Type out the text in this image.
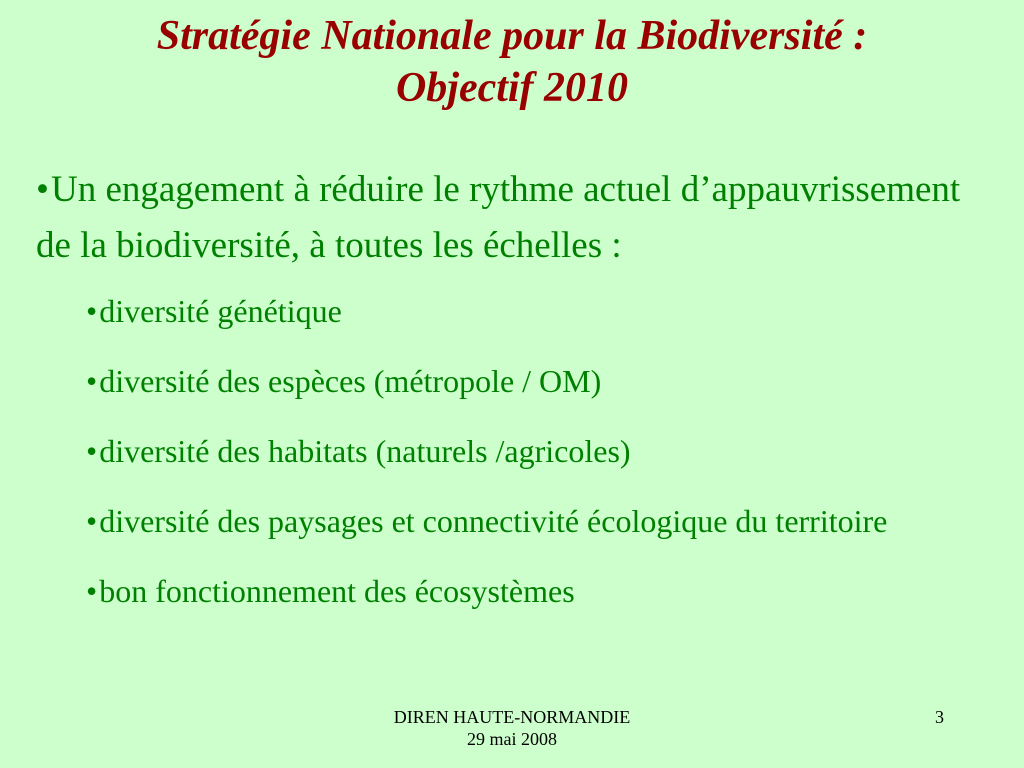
Stratégie Nationale pour la Biodiversité :
Objectif 2010

•Un engagement à réduire le rythme actuel d’appauvrissement de la biodiversité, à toutes les échelles :

•diversité génétique

•diversité des espèces (métropole / OM)

•diversité des habitats (naturels /agricoles)

•diversité des paysages et connectivité écologique du territoire

•bon fonctionnement des écosystèmes

DIREN HAUTE-NORMANDIE
29 mai 2008
3
